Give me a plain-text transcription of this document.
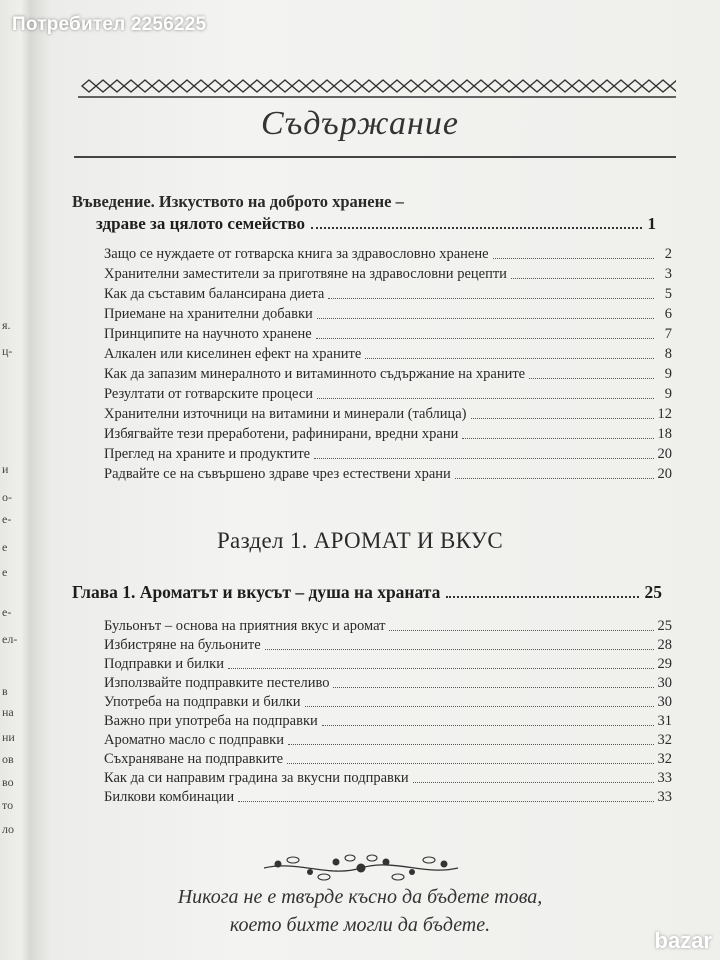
я.
ц-
и
о-
е-
е
е
е-
ел-
в
на
ни
ов
во
то
ло
Потребител 2256225
Съдържание
Въведение. Изкуството на доброто хранене –
здраве за цялото семейство	1
Защо се нуждаете от готварска книга за здравословно хранене	2
Хранителни заместители за приготвяне на здравословни рецепти	3
Как да съставим балансирана диета	5
Приемане на хранителни добавки	6
Принципите на научното хранене	7
Алкален или киселинен ефект на храните	8
Как да запазим минералното и витаминното съдържание на храните	9
Резултати от готварските процеси	9
Хранителни източници на витамини и минерали (таблица)	12
Избягвайте тези преработени, рафинирани, вредни храни	18
Преглед на храните и продуктите	20
Радвайте се на съвършено здраве чрез естествени храни	20
Раздел 1. АРОМАТ И ВКУС
Глава 1. Ароматът и вкусът – душа на храната	25
Бульонът – основа на приятния вкус и аромат	25
Избистряне на бульоните	28
Подправки и билки	29
Използвайте подправките пестеливо	30
Употреба на подправки и билки	30
Важно при употреба на подправки	31
Ароматно масло с подправки	32
Съхраняване на подправките	32
Как да си направим градина за вкусни подправки	33
Билкови комбинации	33
Никога не е твърде късно да бъдете това,
което бихте могли да бъдете.
bazar
